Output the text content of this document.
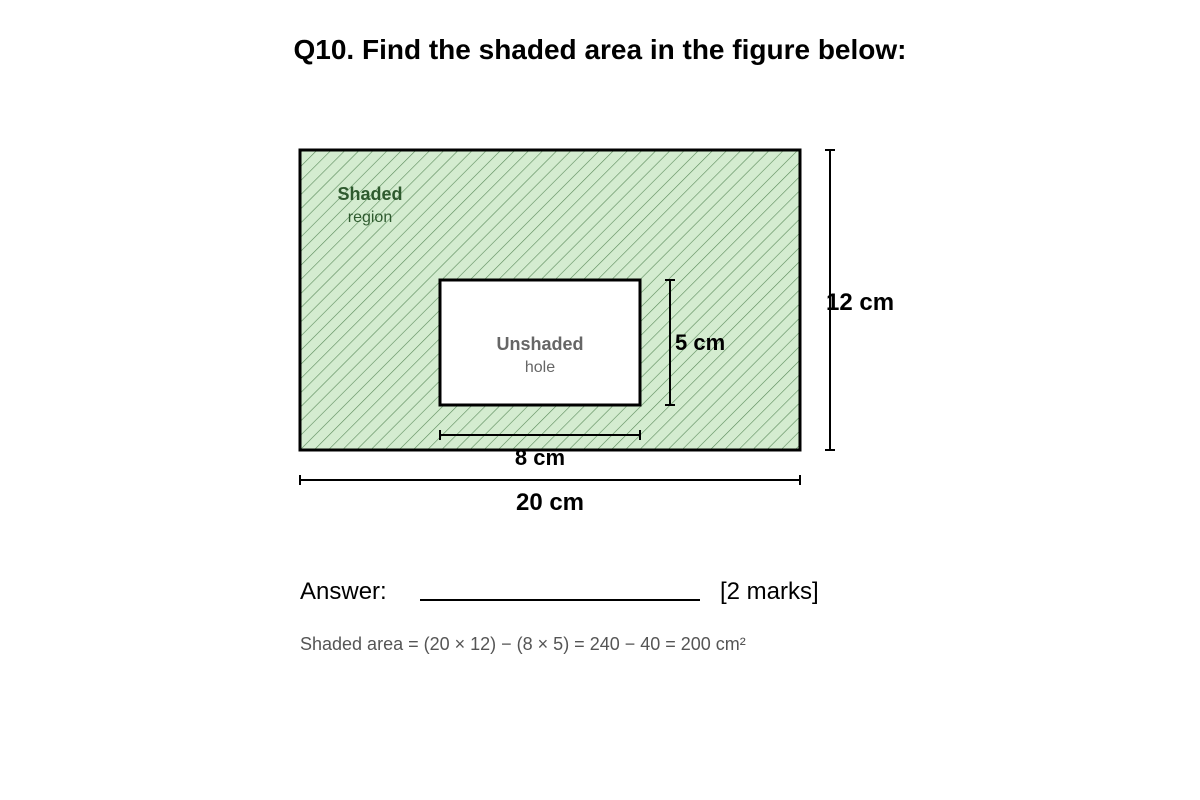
Q10. Find the shaded area in the figure below:
Shaded
region
Unshaded
hole
8 cm
5 cm
20 cm
12 cm
Answer:	[2 marks]
Shaded area = (20 × 12) − (8 × 5) = 240 − 40 = 200 cm²
